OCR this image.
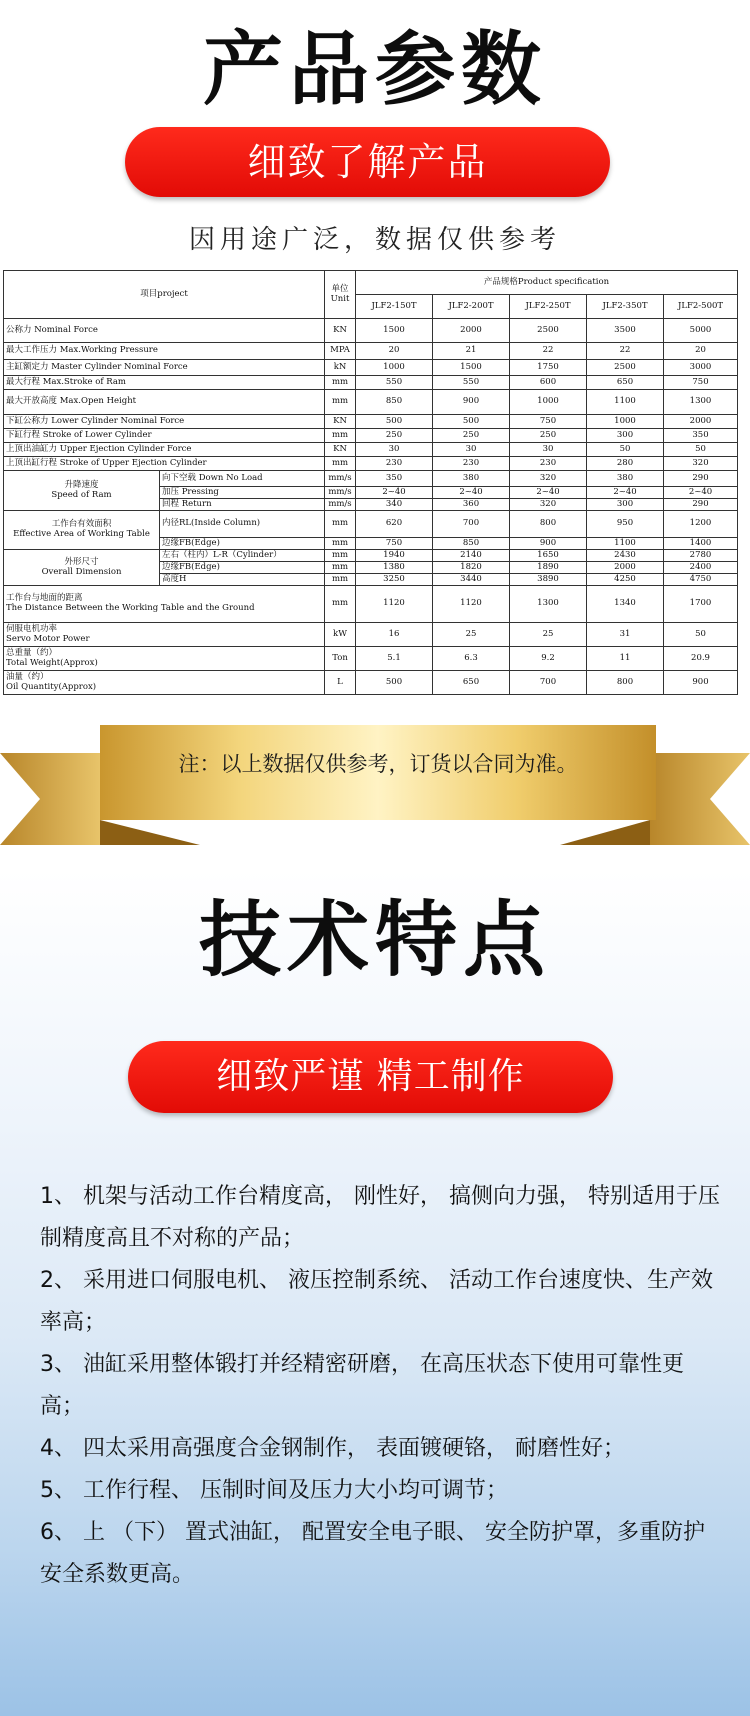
产品参数
细致了解产品
因用途广泛，数据仅供参考
项目project		单位 Unit	产品规格Product specification				
			JLF2-150T	JLF2-200T	JLF2-250T	JLF2-350T	JLF2-500T
公称力 Nominal Force		KN	1500	2000	2500	3500	5000
最大工作压力 Max.Working Pressure		MPA	20	21	22	22	20
主缸额定力 Master Cylinder Nominal Force		kN	1000	1500	1750	2500	3000
最大行程 Max.Stroke of Ram		mm	550	550	600	650	750
最大开放高度 Max.Open Height		mm	850	900	1000	1100	1300
下缸公称力 Lower Cylinder Nominal Force		KN	500	500	750	1000	2000
下缸行程 Stroke of Lower Cylinder		mm	250	250	250	300	350
上顶出油缸力 Upper Ejection Cylinder Force		KN	30	30	30	50	50
上顶出缸行程 Stroke of Upper Ejection Cylinder		mm	230	230	230	280	320

升降速度
Speed of Ram	向下空载 Down No Load	mm/s	350	380	320	380	290
	加压 Pressing	mm/s	2~40	2~40	2~40	2~40	2~40
	回程 Return	mm/s	340	360	320	300	290

工作台有效面积
Effective Area of Working Table	内径RL(Inside Column)	mm	620	700	800	950	1200
	边缘FB(Edge)	mm	750	850	900	1100	1400

外形尺寸
Overall Dimension	左右（柱内）L-R（Cylinder）	mm	1940	2140	1650	2430	2780
	边缘FB(Edge)	mm	1380	1820	1890	2000	2400
	高度H	mm	3250	3440	3890	4250	4750

工作台与地面的距离
The Distance Between the Working Table and the Ground		mm	1120	1120	1300	1340	1700

伺服电机功率
Servo Motor Power		kW	16	25	25	31	50

总重量（约）
Total Weight(Approx)		Ton	5.1	6.3	9.2	11	20.9

油量（约）
Oil Quantity(Approx)		L	500	650	700	800	900
注：以上数据仅供参考，订货以合同为准。
技术特点
细致严谨 精工制作

1、 机架与活动工作台精度高， 刚性好， 搞侧向力强， 特别适用于压制精度高且不对称的产品；

2、 采用进口伺服电机、 液压控制系统、 活动工作台速度快、生产效率高；

3、 油缸采用整体锻打并经精密研磨， 在高压状态下使用可靠性更高；

4、 四太采用高强度合金钢制作， 表面镀硬铬， 耐磨性好；

5、 工作行程、 压制时间及压力大小均可调节；

6、 上 （下） 置式油缸， 配置安全电子眼、 安全防护罩，多重防护安全系数更高。
